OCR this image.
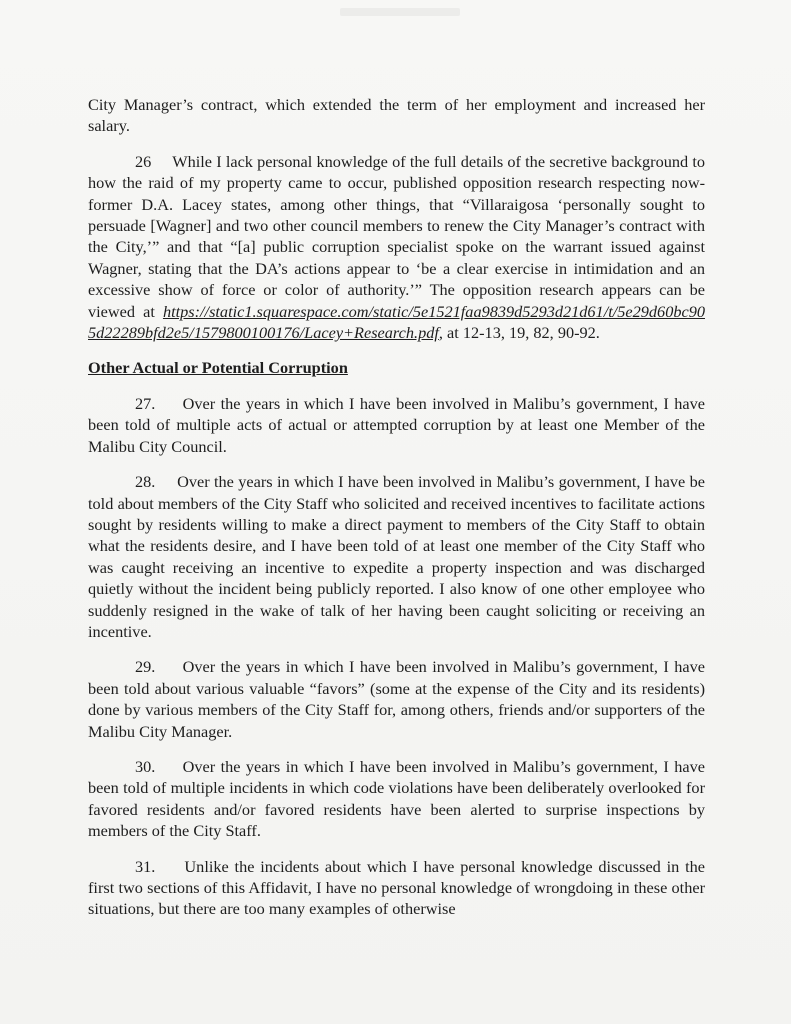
City Manager’s contract, which extended the term of her employment and increased her salary.

26 While I lack personal knowledge of the full details of the secretive background to how the raid of my property came to occur, published opposition research respecting now-former D.A. Lacey states, among other things, that “Villaraigosa ‘personally sought to persuade [Wagner] and two other council members to renew the City Manager’s contract with the City,’” and that “[a] public corruption specialist spoke on the warrant issued against Wagner, stating that the DA’s actions appear to ‘be a clear exercise in intimidation and an excessive show of force or color of authority.’” The opposition research appears can be viewed at https://static1.squarespace.com/static/5e1521faa9839d5293d21d61/t/5e29d60bc905d22289bfd2e5/1579800100176/Lacey+Research.pdf, at 12-13, 19, 82, 90-92.

Other Actual or Potential Corruption

27. Over the years in which I have been involved in Malibu’s government, I have been told of multiple acts of actual or attempted corruption by at least one Member of the Malibu City Council.

28. Over the years in which I have been involved in Malibu’s government, I have be told about members of the City Staff who solicited and received incentives to facilitate actions sought by residents willing to make a direct payment to members of the City Staff to obtain what the residents desire, and I have been told of at least one member of the City Staff who was caught receiving an incentive to expedite a property inspection and was discharged quietly without the incident being publicly reported. I also know of one other employee who suddenly resigned in the wake of talk of her having been caught soliciting or receiving an incentive.

29. Over the years in which I have been involved in Malibu’s government, I have been told about various valuable “favors” (some at the expense of the City and its residents) done by various members of the City Staff for, among others, friends and/or supporters of the Malibu City Manager.

30. Over the years in which I have been involved in Malibu’s government, I have been told of multiple incidents in which code violations have been deliberately overlooked for favored residents and/or favored residents have been alerted to surprise inspections by members of the City Staff.

31. Unlike the incidents about which I have personal knowledge discussed in the first two sections of this Affidavit, I have no personal knowledge of wrongdoing in these other situations, but there are too many examples of otherwise
